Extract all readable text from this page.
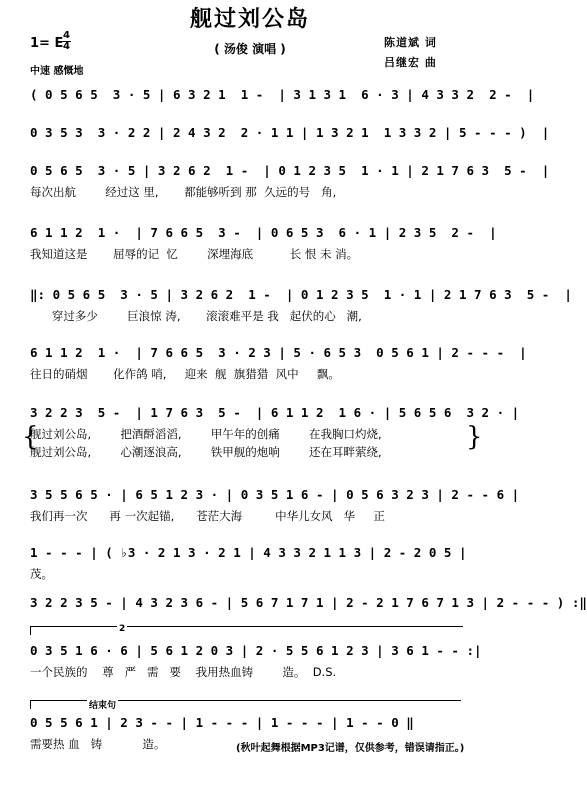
舰过刘公岛
( 汤俊 演唱 )
1= E
4
4
中速 感慨地
陈道斌 词
吕继宏 曲
( 0 5 6 5  3 · 5 | 6 3 2 1  1 -  | 3 1 3 1  6 · 3 | 4 3 3 2  2 -  |
0 3 5 3  3 · 2 2 | 2 4 3 2  2 · 1 1 | 1 3 2 1  1 3 3 2 | 5 - - - )  |
0 5 6 5  3 · 5 | 3 2 6 2  1 -  | 0 1 2 3 5  1 · 1 | 2 1 7 6 3  5 -  |
每次出航        经过这 里,       都能够听到 那  久远的号   角,
6 1 1 2  1 ·  | 7 6 6 5  3 -  | 0 6 5 3  6 · 1 | 2 3 5  2 -  |
我知道这是       屈辱的记  忆        深埋海底          长 恨 未 消。
‖: 0 5 6 5  3 · 5 | 3 2 6 2  1 -  | 0 1 2 3 5  1 · 1 | 2 1 7 6 3  5 -  |
穿过多少        巨浪惊 涛,       滚滚难平是 我   起伏的心   潮,
6 1 1 2  1 ·  | 7 6 6 5  3 · 2 3 | 5 · 6 5 3  0 5 6 1 | 2 - - -  |
往日的硝烟       化作鸽 哨,     迎来  舰  旗猎猎  风中     飘。
3 2 2 3  5 -  | 1 7 6 3  5 -  | 6 1 1 2  1 6 · | 5 6 5 6  3 2 · |
{
舰过刘公岛,        把酒酹滔滔,        甲午年的创痛        在我胸口灼烧,
舰过刘公岛,        心潮逐浪高,        铁甲舰的炮响        还在耳畔萦绕,	}
3 5 5 6 5 · | 6 5 1 2 3 · | 0 3 5 1 6 - | 0 5 6 3 2 3 | 2 - - 6 |
我们再一次      再 一次起锚,      苍茫大海         中华儿女风   华     正
1 - - - | ( ♭3 · 2 1 3 · 2 1 | 4 3 3 2 1 1 3 | 2 - 2 0 5 |
茂。
3 2 2 3 5 - | 4 3 2 3 6 - | 5 6 7 1 7 1 | 2 - 2 1 7 6 7 1 3 | 2 - - - ) :‖
2
0 3 5 1 6 · 6 | 5 6 1 2 0 3 | 2 · 5 5 6 1 2 3 | 3 6 1 - - :|
一个民族的    尊   严   需   要    我用热血铸        造。  D.S.
结束句
0 5 5 6 1 | 2 3 - - | 1 - - - | 1 - - - | 1 - - 0 ‖
需要热 血   铸           造。	(秋叶起舞根据MP3记谱，仅供参考，错误请指正。)
